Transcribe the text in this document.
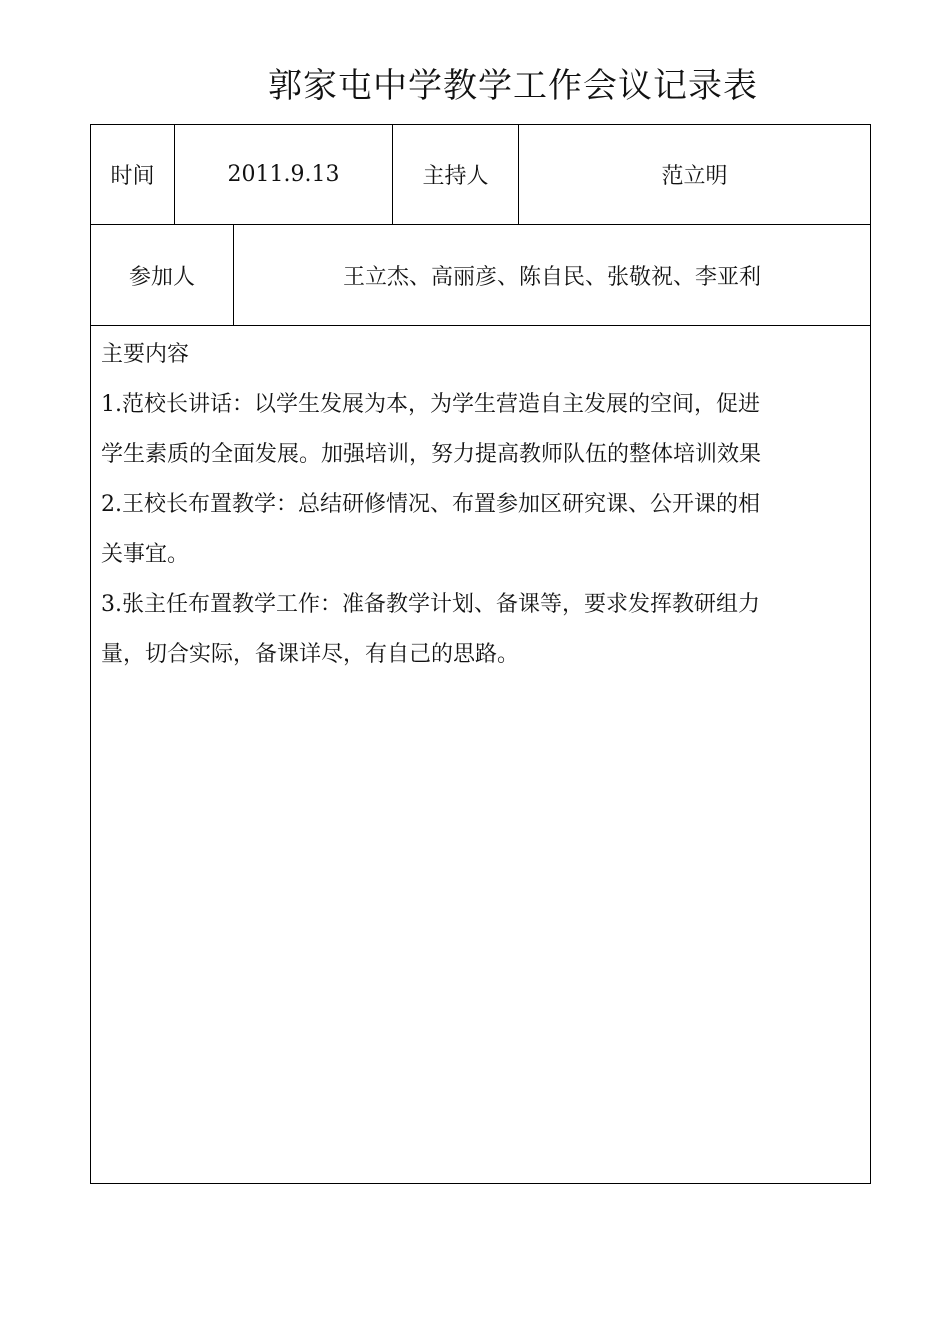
郭家屯中学教学工作会议记录表
时间	2011.9.13	主持人	范立明
参加人	王立杰、高丽彦、陈自民、张敬祝、李亚利

主要内容

1.范校长讲话：以学生发展为本，为学生营造自主发展的空间，促进

学生素质的全面发展。加强培训，努力提高教师队伍的整体培训效果

2.王校长布置教学：总结研修情况、布置参加区研究课、公开课的相

关事宜。

3.张主任布置教学工作：准备教学计划、备课等，要求发挥教研组力

量，切合实际，备课详尽，有自己的思路。
